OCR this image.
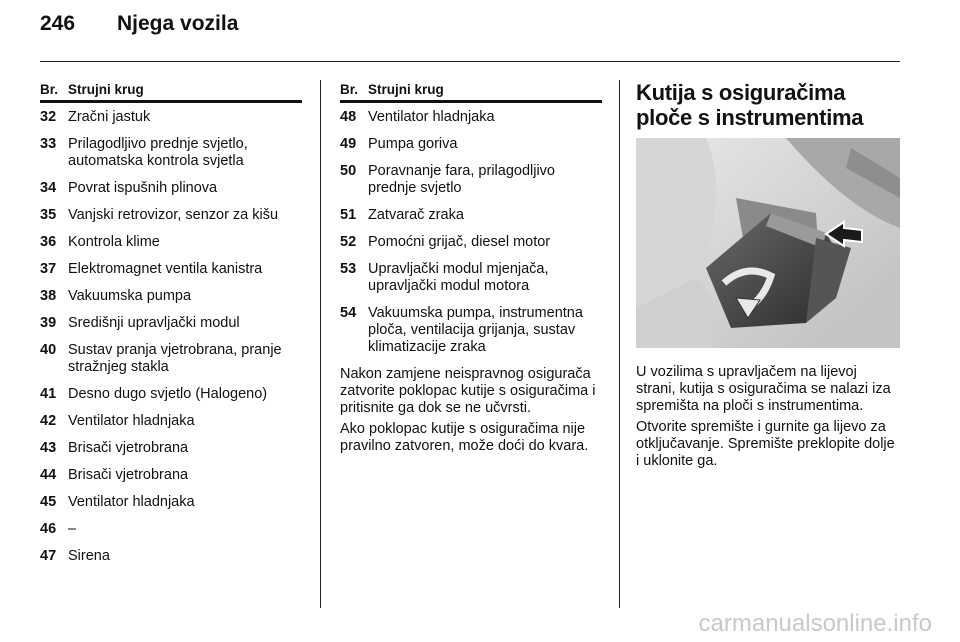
246 Njega vozila
Br. Strujni krug
32 Zračni jastuk
33 Prilagodljivo prednje svjetlo, automatska kontrola svjetla
34 Povrat ispušnih plinova
35 Vanjski retrovizor, senzor za kišu
36 Kontrola klime
37 Elektromagnet ventila kanistra
38 Vakuumska pumpa
39 Središnji upravljački modul
40 Sustav pranja vjetrobrana, pranje stražnjeg stakla
41 Desno dugo svjetlo (Halogeno)
42 Ventilator hladnjaka
43 Brisači vjetrobrana
44 Brisači vjetrobrana
45 Ventilator hladnjaka
46 –
47 Sirena
Br. Strujni krug
48 Ventilator hladnjaka
49 Pumpa goriva
50 Poravnanje fara, prilagodljivo prednje svjetlo
51 Zatvarač zraka
52 Pomoćni grijač, diesel motor
53 Upravljački modul mjenjača, upravljački modul motora
54 Vakuumska pumpa, instrumentna ploča, ventilacija grijanja, sustav klimatizacije zraka

Nakon zamjene neispravnog osigurača zatvorite poklopac kutije s osiguračima i pritisnite ga dok se ne učvrsti.

Ako poklopac kutije s osiguračima nije pravilno zatvoren, može doći do kvara.

Kutija s osiguračima ploče s instrumentima

U vozilima s upravljačem na lijevoj strani, kutija s osiguračima se nalazi iza spremišta na ploči s instrumentima.

Otvorite spremište i gurnite ga lijevo za otključavanje. Spremište preklopite dolje i uklonite ga.

carmanualsonline.info
